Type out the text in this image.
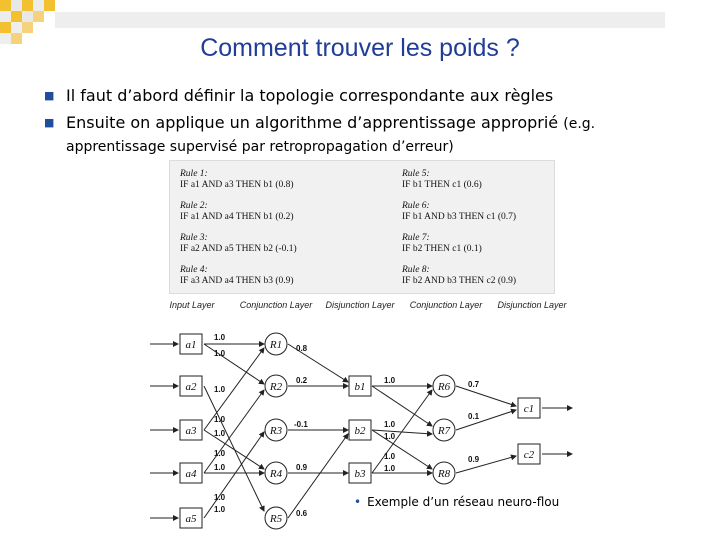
Comment trouver les poids ?
■ Il faut d’abord définir la topologie correspondante aux règles
■ Ensuite on applique un algorithme d’apprentissage approprié (e.g.
apprentissage supervisé par retropropagation d’erreur)
Rule 1:
IF a1 AND a3 THEN b1 (0.8)
Rule 2:
IF a1 AND a4 THEN b1 (0.2)
Rule 3:
IF a2 AND a5 THEN b2 (-0.1)
Rule 4:
IF a3 AND a4 THEN b3 (0.9)
Rule 5:
IF b1 THEN c1 (0.6)
Rule 6:
IF b1 AND b3 THEN c1 (0.7)
Rule 7:
IF b2 THEN c1 (0.1)
Rule 8:
IF b2 AND b3 THEN c2 (0.9)
Input Layer	Conjunction Layer Disjunction Layer Conjunction Layer Disjunction Layer
a1
a2
a3
a4
a5
R1
R2
R3
R4
R5
b1
b2
b3
R6
R7
R8
c1
c2
1.0
1.0
1.0
1.0
1.0
1.0
1.0
1.0
1.0
0.8
0.2
-0.1
0.9
0.6
1.0
1.0
1.0
1.0
1.0
0.7
0.1
0.9
• Exemple d’un réseau neuro-flou
